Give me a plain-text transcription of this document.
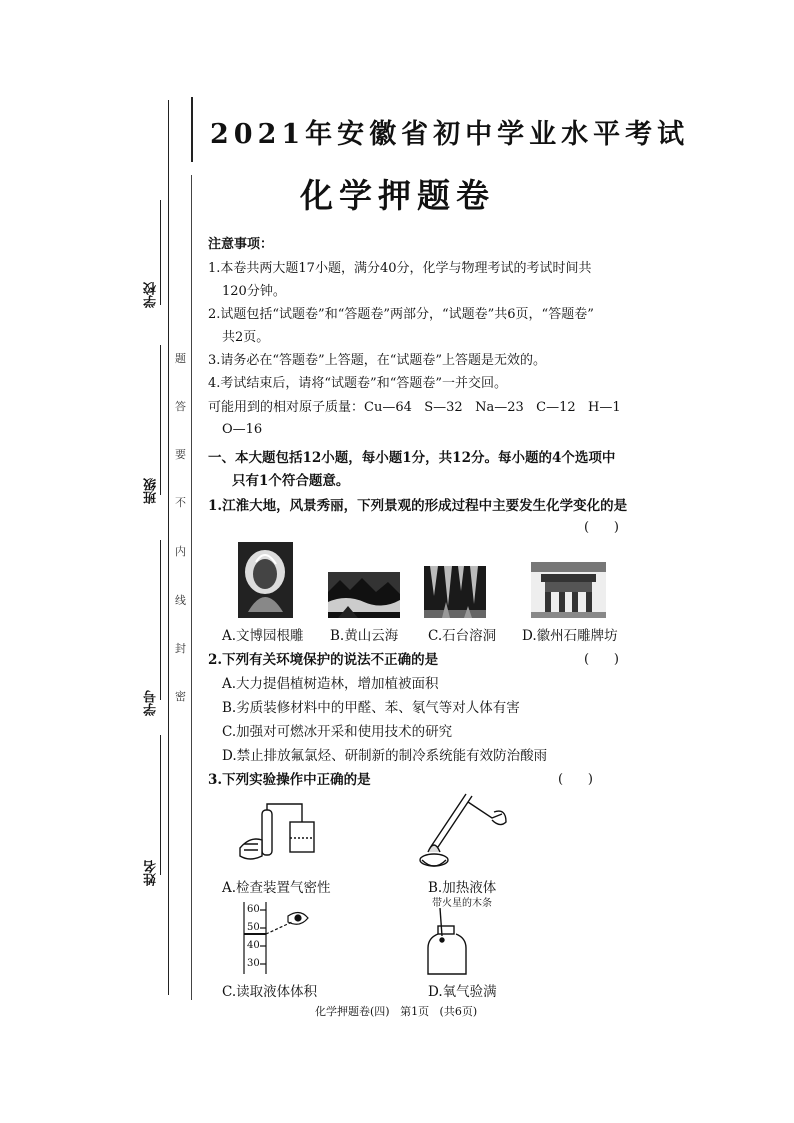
学校
班级
学号
姓名
题
答
要
不
内
线
封
密
2021年安徽省初中学业水平考试
化学押题卷
注意事项：
1.本卷共两大题17小题，满分40分，化学与物理考试的考试时间共
120分钟。
2.试题包括“试题卷”和“答题卷”两部分，“试题卷”共6页，“答题卷”
共2页。
3.请务必在“答题卷”上答题，在“试题卷”上答题是无效的。
4.考试结束后，请将“试题卷”和“答题卷”一并交回。
可能用到的相对原子质量：Cu—64   S—32   Na—23   C—12   H—1
O—16
一、本大题包括12小题，每小题1分，共12分。每小题的4个选项中
只有1个符合题意。
1.江淮大地，风景秀丽，下列景观的形成过程中主要发生化学变化的是
(      )
A.文博园根雕 B.黄山云海 C.石台溶洞 D.徽州石雕牌坊
2.下列有关环境保护的说法不正确的是	(      )
A.大力提倡植树造林，增加植被面积
B.劣质装修材料中的甲醛、苯、氡气等对人体有害
C.加强对可燃冰开采和使用技术的研究
D.禁止排放氟氯烃、研制新的制冷系统能有效防治酸雨
3.下列实验操作中正确的是	(      )
A.检查装置气密性	B.加热液体
60
50
40
30
C.读取液体体积
带火星的木条
D.氧气验满
化学押题卷(四)   第1页   (共6页)
